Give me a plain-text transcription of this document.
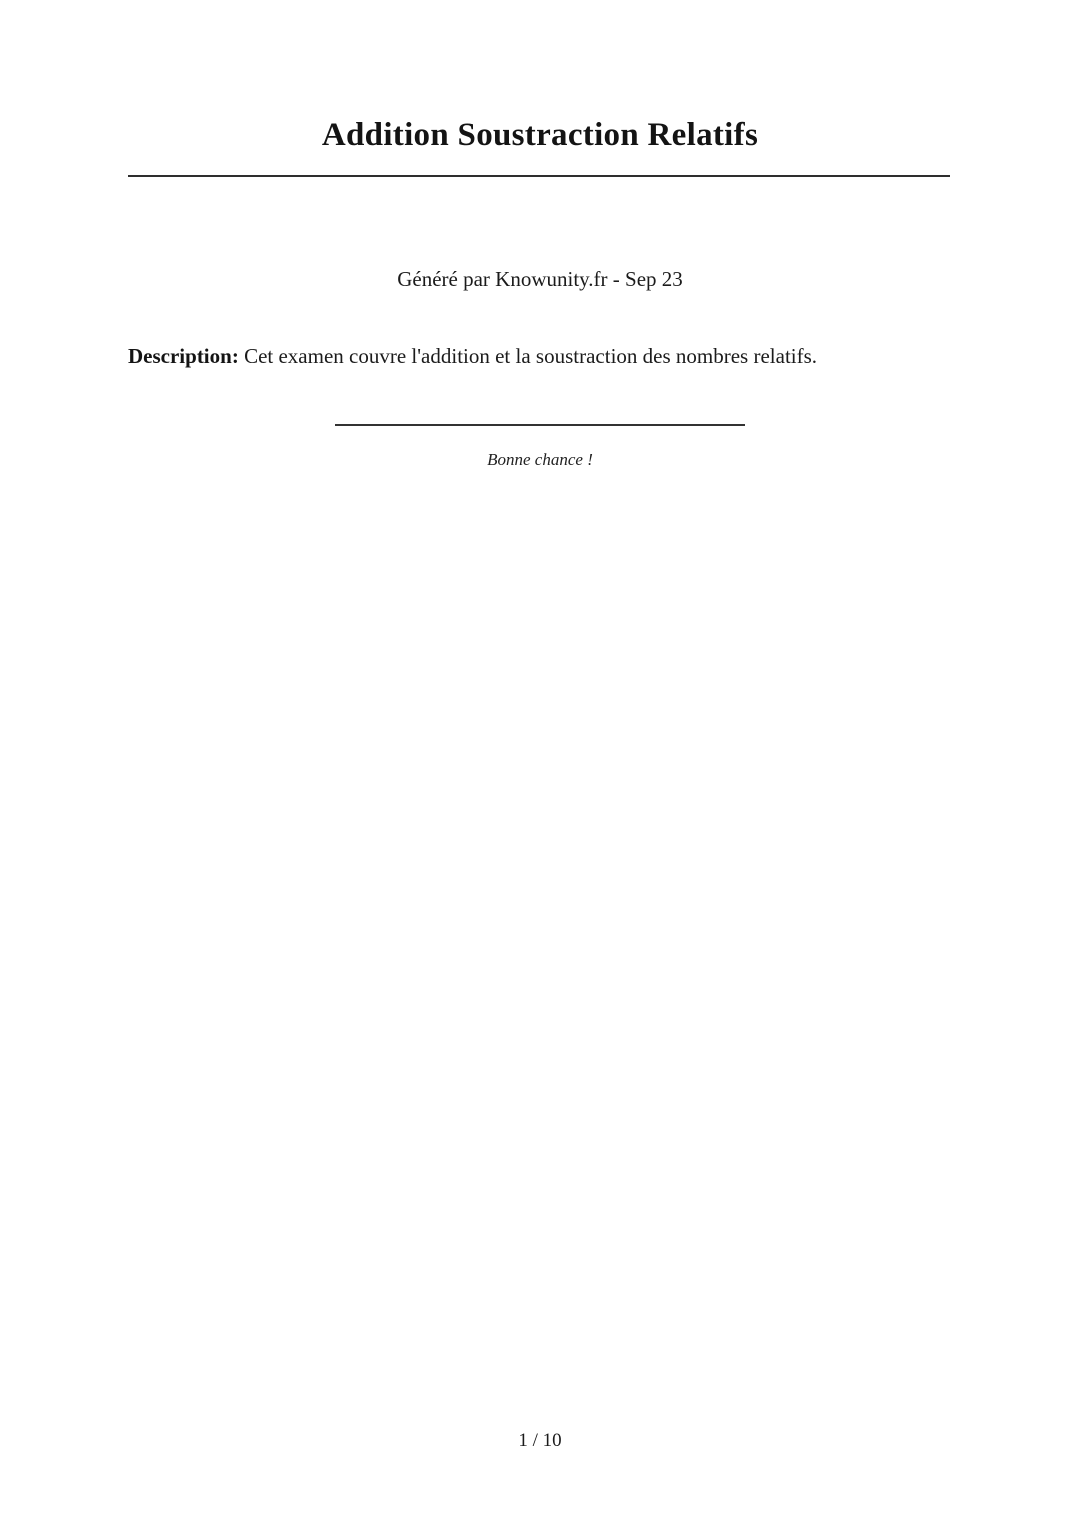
Addition Soustraction Relatifs

Généré par Knowunity.fr - Sep 23

Description: Cet examen couvre l'addition et la soustraction des nombres relatifs.

Bonne chance !

1 / 10
